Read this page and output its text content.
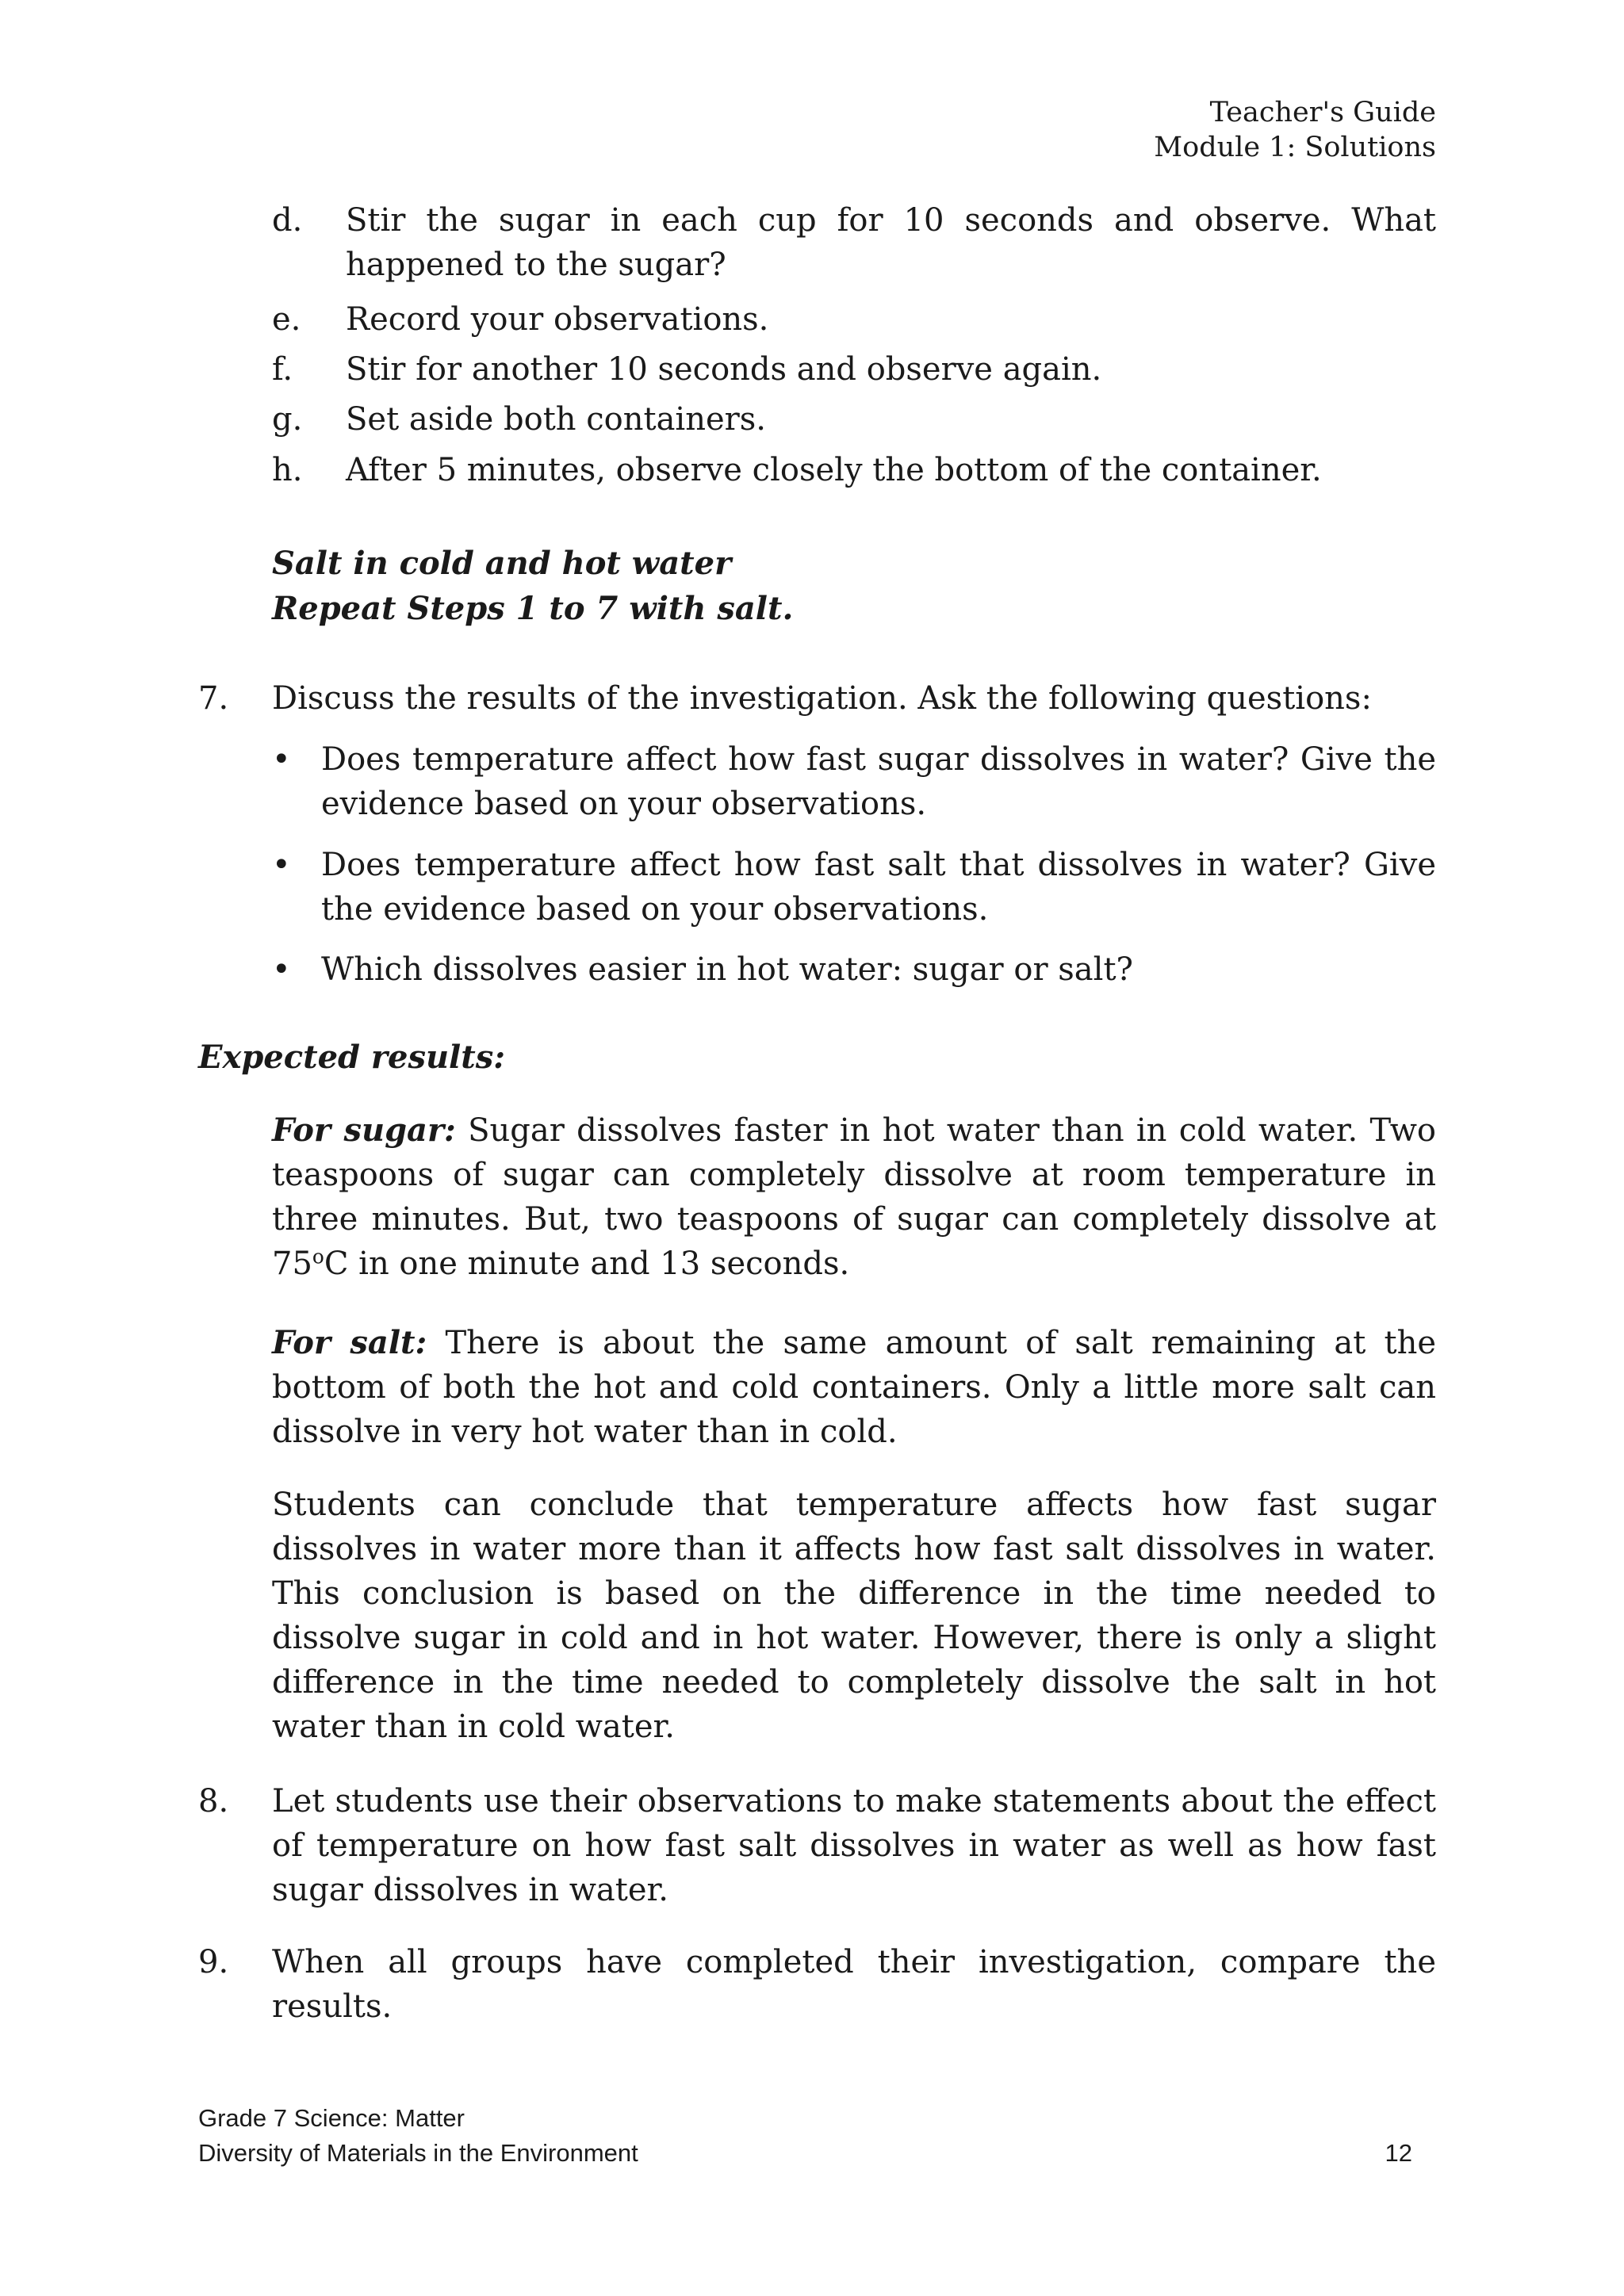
Teacher's Guide
Module 1: Solutions
d.	Stir the sugar in each cup for 10 seconds and observe. What happened to the sugar?
e.	Record your observations.
f.	Stir for another 10 seconds and observe again.
g.	Set aside both containers.
h.	After 5 minutes, observe closely the bottom of the container.
Salt in cold and hot water
Repeat Steps 1 to 7 with salt.
7. Discuss the results of the investigation. Ask the following questions:
• Does temperature affect how fast sugar dissolves in water? Give the evidence based on your observations.
• Does temperature affect how fast salt that dissolves in water? Give the evidence based on your observations.
• Which dissolves easier in hot water: sugar or salt?
Expected results:
For sugar: Sugar dissolves faster in hot water than in cold water. Two teaspoons of sugar can completely dissolve at room temperature in three minutes. But, two teaspoons of sugar can completely dissolve at 75$^o$C in one minute and 13 seconds.
For salt: There is about the same amount of salt remaining at the bottom of both the hot and cold containers. Only a little more salt can dissolve in very hot water than in cold.
Students can conclude that temperature affects how fast sugar dissolves in water more than it affects how fast salt dissolves in water. This conclusion is based on the difference in the time needed to dissolve sugar in cold and in hot water. However, there is only a slight difference in the time needed to completely dissolve the salt in hot water than in cold water.
8. Let students use their observations to make statements about the effect of temperature on how fast salt dissolves in water as well as how fast sugar dissolves in water.
9. When all groups have completed their investigation, compare the results.
Grade 7 Science: Matter
Diversity of Materials in the Environment	12
